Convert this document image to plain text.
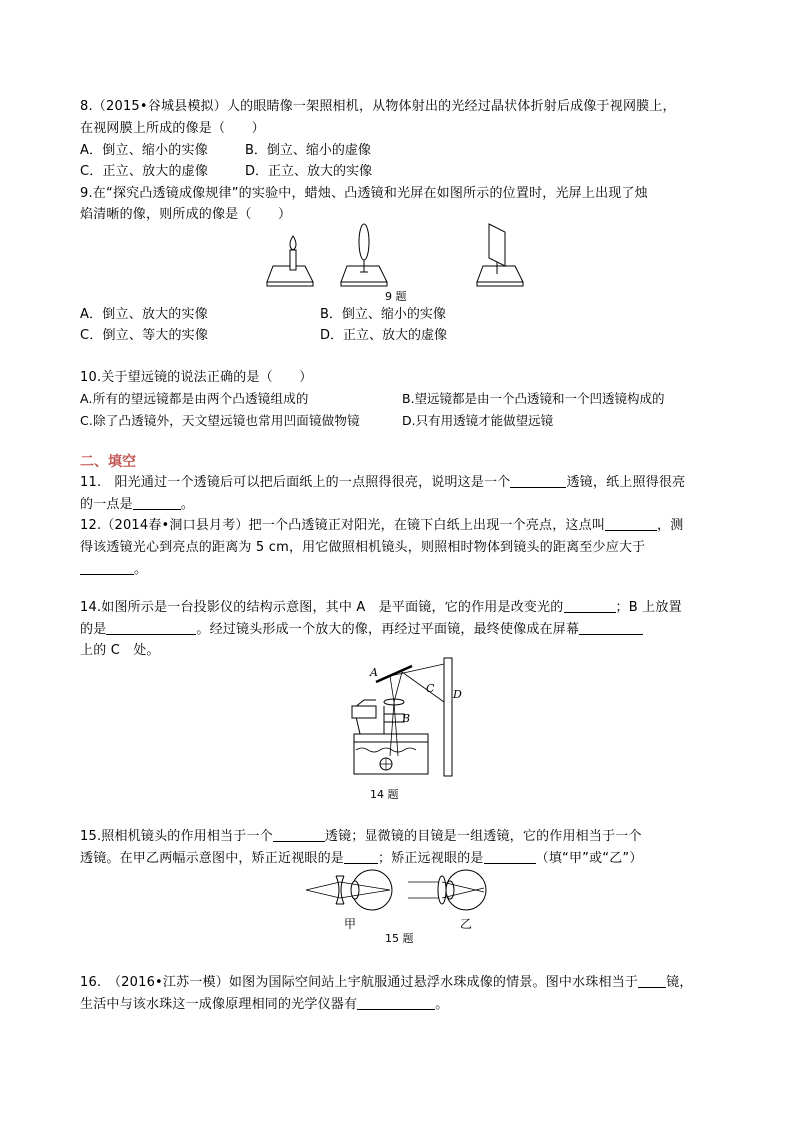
8.（2015•谷城县模拟）人的眼睛像一架照相机，从物体射出的光经过晶状体折射后成像于视网膜上，
在视网膜上所成的像是（　　）
A．倒立、缩小的实像	B．倒立、缩小的虚像
C．正立、放大的虚像	D．正立、放大的实像
9.在“探究凸透镜成像规律”的实验中，蜡烛、凸透镜和光屏在如图所示的位置时，光屏上出现了烛
焰清晰的像，则所成的像是（　　）
9 题
A．倒立、放大的实像	B．倒立、缩小的实像
C．倒立、等大的实像	D．正立、放大的虚像
10.关于望远镜的说法正确的是（　　）
A.所有的望远镜都是由两个凸透镜组成的	B.望远镜都是由一个凸透镜和一个凹透镜构成的
C.除了凸透镜外，天文望远镜也常用凹面镜做物镜	D.只有用透镜才能做望远镜
二、填空
11.　阳光通过一个透镜后可以把后面纸上的一点照得很亮，说明这是一个	透镜，纸上照得很亮
的一点是	。
12.（2014春•洞口县月考）把一个凸透镜正对阳光，在镜下白纸上出现一个亮点，这点叫	，测
得该透镜光心到亮点的距离为 5 cm，用它做照相机镜头，则照相时物体到镜头的距离至少应大于
。
14.如图所示是一台投影仪的结构示意图，其中 A　是平面镜，它的作用是改变光的	；B 上放置
的是	。经过镜头形成一个放大的像，再经过平面镜，最终使像成在屏幕
上的 C　处。
A
B
C D
14 题
15.照相机镜头的作用相当于一个	透镜；显微镜的目镜是一组透镜，它的作用相当于一个
透镜。在甲乙两幅示意图中，矫正近视眼的是	；矫正远视眼的是	（填“甲”或“乙”）
甲	乙
15 题
16.　（2016•江苏一模）如图为国际空间站上宇航服通过悬浮水珠成像的情景。图中水珠相当于 镜，
生活中与该水珠这一成像原理相同的光学仪器有	。
